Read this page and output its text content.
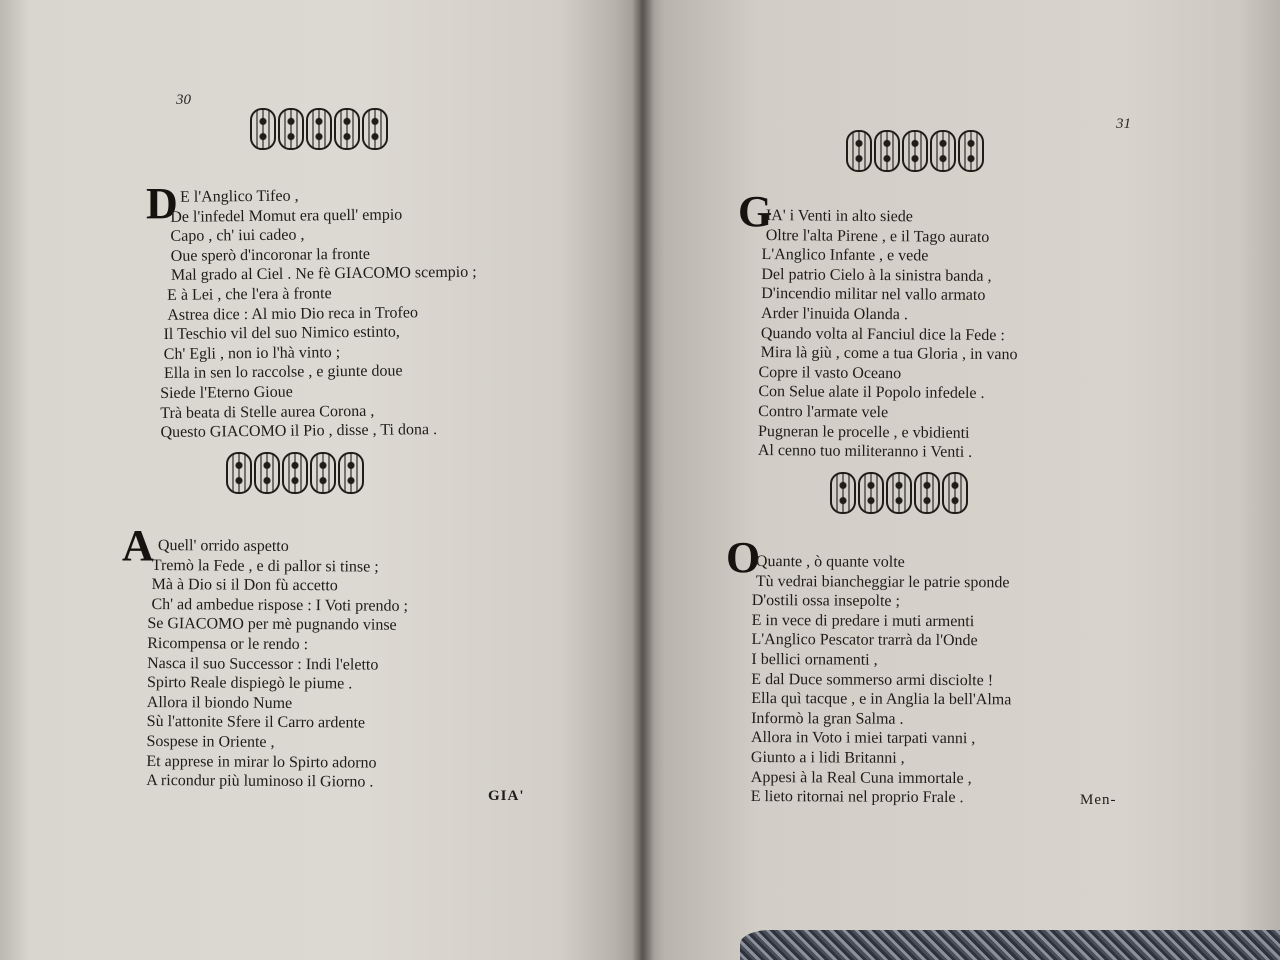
30
D E l'Anglico Tifeo ,
De l'infedel Momut era quell' empio
Capo , ch' iui cadeo ,
Oue sperò d'incoronar la fronte
Mal grado al Ciel . Ne fè GIACOMO scempio ;
E à Lei , che l'era à fronte
Astrea dice : Al mio Dio reca in Trofeo
Il Teschio vil del suo Nimico estinto,
Ch' Egli , non io l'hà vinto ;
Ella in sen lo raccolse , e giunte doue
Siede l'Eterno Gioue
Trà beata di Stelle aurea Corona ,
Questo GIACOMO il Pio , disse , Ti dona .
A Quell' orrido aspetto
Tremò la Fede , e di pallor si tinse ;
Mà à Dio si il Don fù accetto
Ch' ad ambedue rispose : I Voti prendo ;
Se GIACOMO per mè pugnando vinse
Ricompensa or le rendo :
Nasca il suo Successor : Indi l'eletto
Spirto Reale dispiegò le piume .
Allora il biondo Nume
Sù l'attonite Sfere il Carro ardente
Sospese in Oriente ,
Et apprese in mirar lo Spirto adorno
A ricondur più luminoso il Giorno .
GIA'
31
G
IA' i Venti in alto siede
Oltre l'alta Pirene , e il Tago aurato
L'Anglico Infante , e vede
Del patrio Cielo à la sinistra banda ,
D'incendio militar nel vallo armato
Arder l'inuida Olanda .
Quando volta al Fanciul dice la Fede :
Mira là giù , come a tua Gloria , in vano
Copre il vasto Oceano
Con Selue alate il Popolo infedele .
Contro l'armate vele
Pugneran le procelle , e vbidienti
Al cenno tuo militeranno i Venti .
O
Quante , ò quante volte
Tù vedrai biancheggiar le patrie sponde
D'ostili ossa insepolte ;
E in vece di predare i muti armenti
L'Anglico Pescator trarrà da l'Onde
I bellici ornamenti ,
E dal Duce sommerso armi disciolte !
Ella quì tacque , e in Anglia la bell'Alma
Informò la gran Salma .
Allora in Voto i miei tarpati vanni ,
Giunto a i lidi Britanni ,
Appesi à la Real Cuna immortale ,
E lieto ritornai nel proprio Frale .	Men-
